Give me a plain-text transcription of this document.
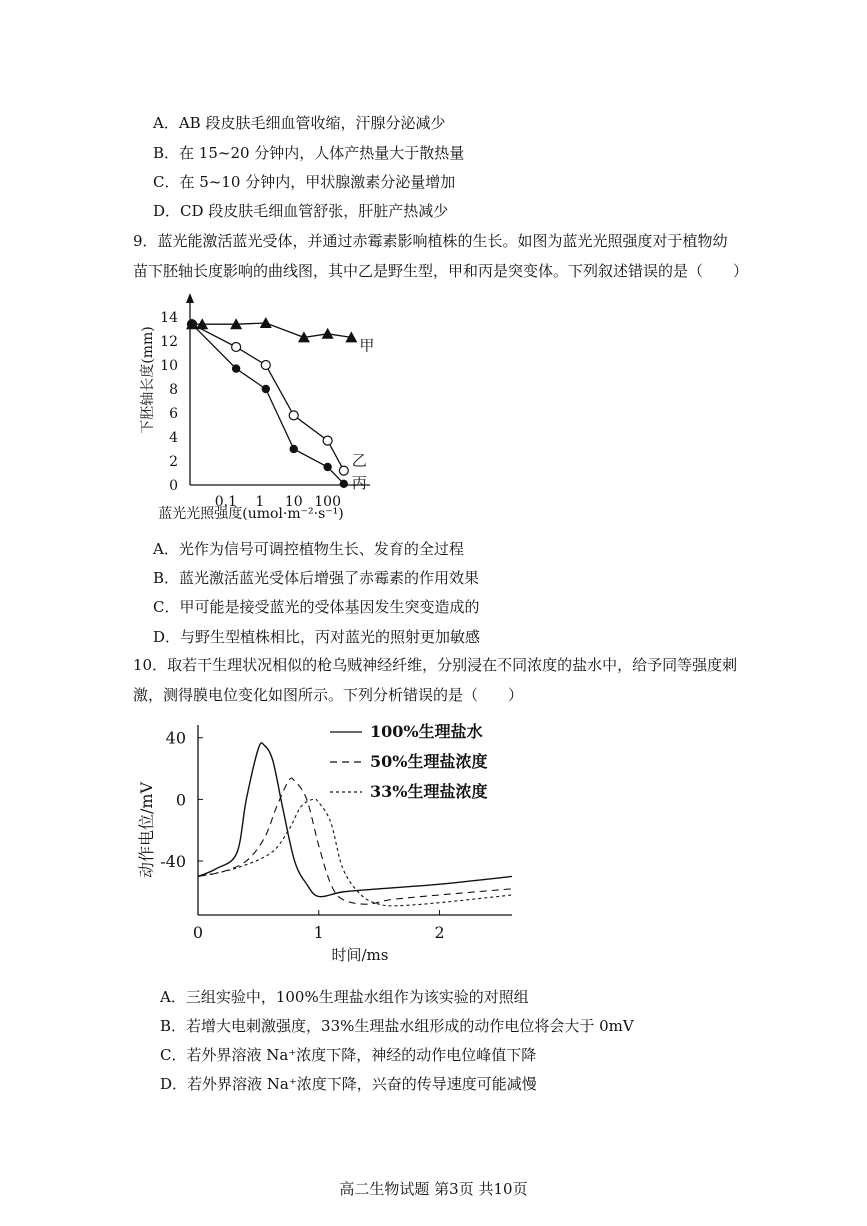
A．AB 段皮肤毛细血管收缩，汗腺分泌减少
B．在 15~20 分钟内，人体产热量大于散热量
C．在 5~10 分钟内，甲状腺激素分泌量增加
D．CD 段皮肤毛细血管舒张，肝脏产热减少
9．蓝光能激活蓝光受体，并通过赤霉素影响植株的生长。如图为蓝光光照强度对于植物幼
苗下胚轴长度影响的曲线图，其中乙是野生型，甲和丙是突变体。下列叙述错误的是（　　）
0
2
4
6
8
10
12
14
0.1 1 10 100
甲
乙
丙
下胚轴长度(mm)
蓝光光照强度(umol·m⁻²·s⁻¹)
A．光作为信号可调控植物生长、发育的全过程
B．蓝光激活蓝光受体后增强了赤霉素的作用效果
C．甲可能是接受蓝光的受体基因发生突变造成的
D．与野生型植株相比，丙对蓝光的照射更加敏感
10．取若干生理状况相似的枪乌贼神经纤维，分别浸在不同浓度的盐水中，给予同等强度刺
激，测得膜电位变化如图所示。下列分析错误的是（　　）
40
0
-40
0	1	2
100%生理盐水
50%生理盐浓度
33%生理盐浓度
动作电位/mV
时间/ms
A．三组实验中，100%生理盐水组作为该实验的对照组
B．若增大电刺激强度，33%生理盐水组形成的动作电位将会大于 0mV
C．若外界溶液 Na⁺浓度下降，神经的动作电位峰值下降
D．若外界溶液 Na⁺浓度下降，兴奋的传导速度可能减慢
高二生物试题 第3页 共10页
